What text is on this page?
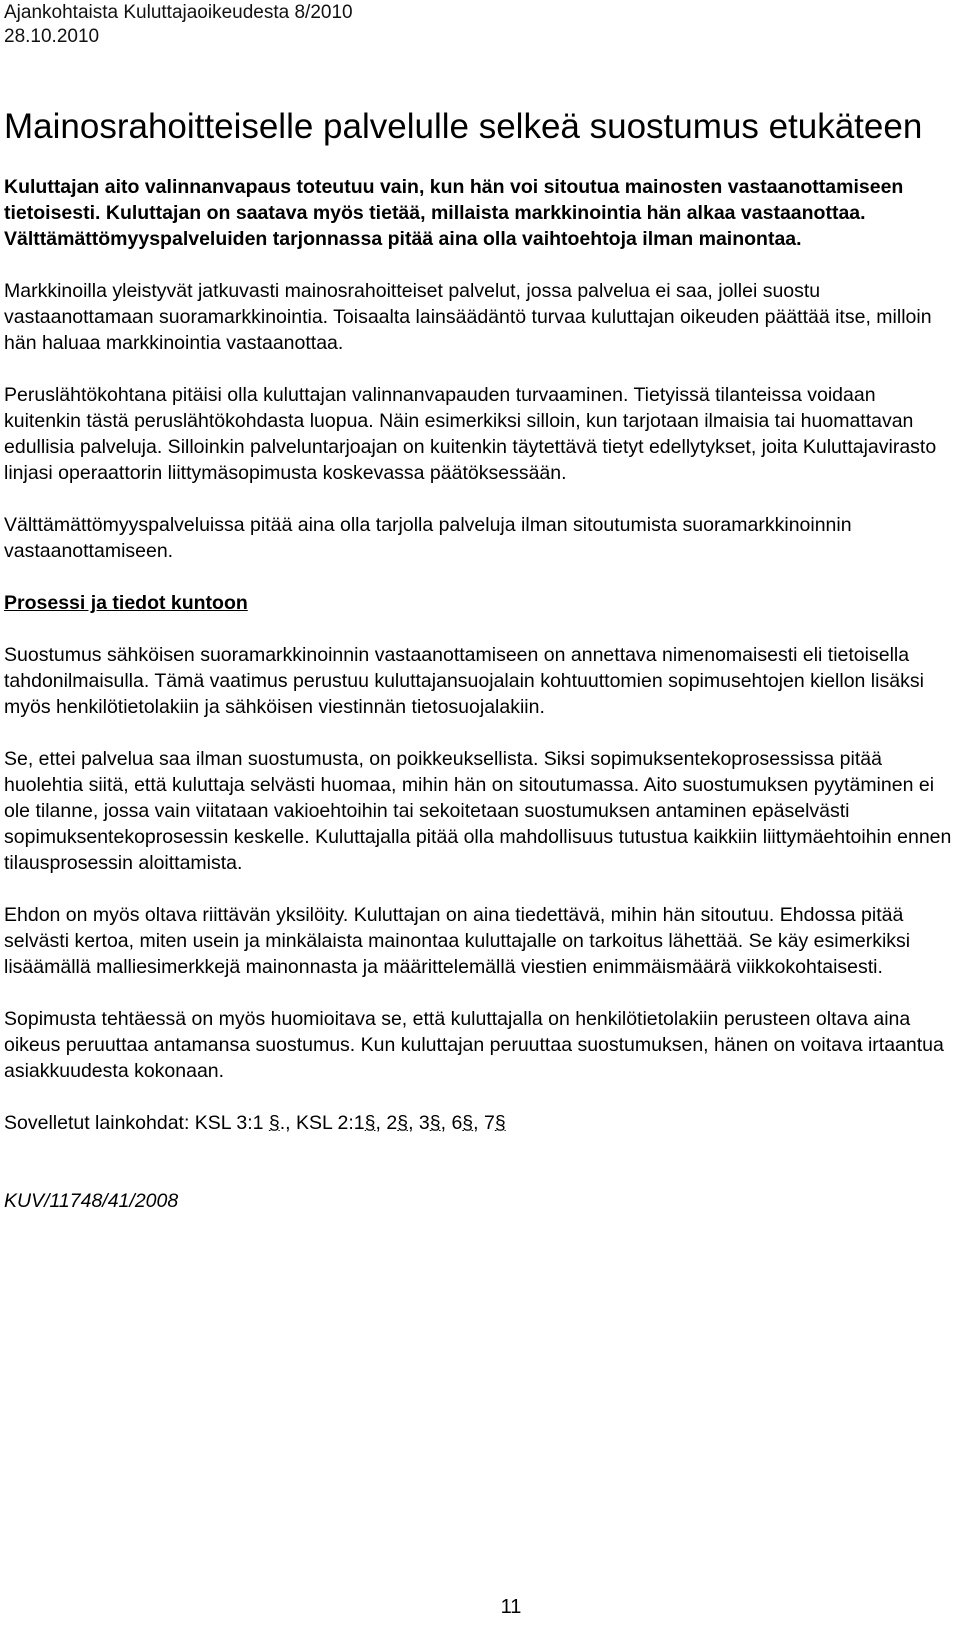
Ajankohtaista Kuluttajaoikeudesta 8/2010
28.10.2010
Mainosrahoitteiselle palvelulle selkeä suostumus etukäteen

Kuluttajan aito valinnanvapaus toteutuu vain, kun hän voi sitoutua mainosten vastaanottamiseen tietoisesti. Kuluttajan on saatava myös tietää, millaista markkinointia hän alkaa vastaanottaa. Välttämättömyyspalveluiden tarjonnassa pitää aina olla vaihtoehtoja ilman mainontaa.

Markkinoilla yleistyvät jatkuvasti mainosrahoitteiset palvelut, jossa palvelua ei saa, jollei suostu vastaanottamaan suoramarkkinointia. Toisaalta lainsäädäntö turvaa kuluttajan oikeuden päättää itse, milloin hän haluaa markkinointia vastaanottaa.

Peruslähtökohtana pitäisi olla kuluttajan valinnanvapauden turvaaminen. Tietyissä tilanteissa voidaan kuitenkin tästä peruslähtökohdasta luopua. Näin esimerkiksi silloin, kun tarjotaan ilmaisia tai huomattavan edullisia palveluja. Silloinkin palveluntarjoajan on kuitenkin täytettävä tietyt edellytykset, joita Kuluttajavirasto linjasi operaattorin liittymäsopimusta koskevassa päätöksessään.

Välttämättömyyspalveluissa pitää aina olla tarjolla palveluja ilman sitoutumista suoramarkkinoinnin vastaanottamiseen.

Prosessi ja tiedot kuntoon

Suostumus sähköisen suoramarkkinoinnin vastaanottamiseen on annettava nimenomaisesti eli tietoisella tahdonilmaisulla. Tämä vaatimus perustuu kuluttajansuojalain kohtuuttomien sopimusehtojen kiellon lisäksi myös henkilötietolakiin ja sähköisen viestinnän tietosuojalakiin.

Se, ettei palvelua saa ilman suostumusta, on poikkeuksellista. Siksi sopimuksentekoprosessissa pitää huolehtia siitä, että kuluttaja selvästi huomaa, mihin hän on sitoutumassa. Aito suostumuksen pyytäminen ei ole tilanne, jossa vain viitataan vakioehtoihin tai sekoitetaan suostumuksen antaminen epäselvästi sopimuksentekoprosessin keskelle. Kuluttajalla pitää olla mahdollisuus tutustua kaikkiin liittymäehtoihin ennen tilausprosessin aloittamista.

Ehdon on myös oltava riittävän yksilöity. Kuluttajan on aina tiedettävä, mihin hän sitoutuu. Ehdossa pitää selvästi kertoa, miten usein ja minkälaista mainontaa kuluttajalle on tarkoitus lähettää. Se käy esimerkiksi lisäämällä malliesimerkkejä mainonnasta ja määrittelemällä viestien enimmäismäärä viikkokohtaisesti.

Sopimusta tehtäessä on myös huomioitava se, että kuluttajalla on henkilötietolakiin perusteen oltava aina oikeus peruuttaa antamansa suostumus. Kun kuluttajan peruuttaa suostumuksen, hänen on voitava irtaantua asiakkuudesta kokonaan.

Sovelletut lainkohdat: KSL 3:1 §., KSL 2:1§, 2§, 3§, 6§, 7§

KUV/11748/41/2008

11
